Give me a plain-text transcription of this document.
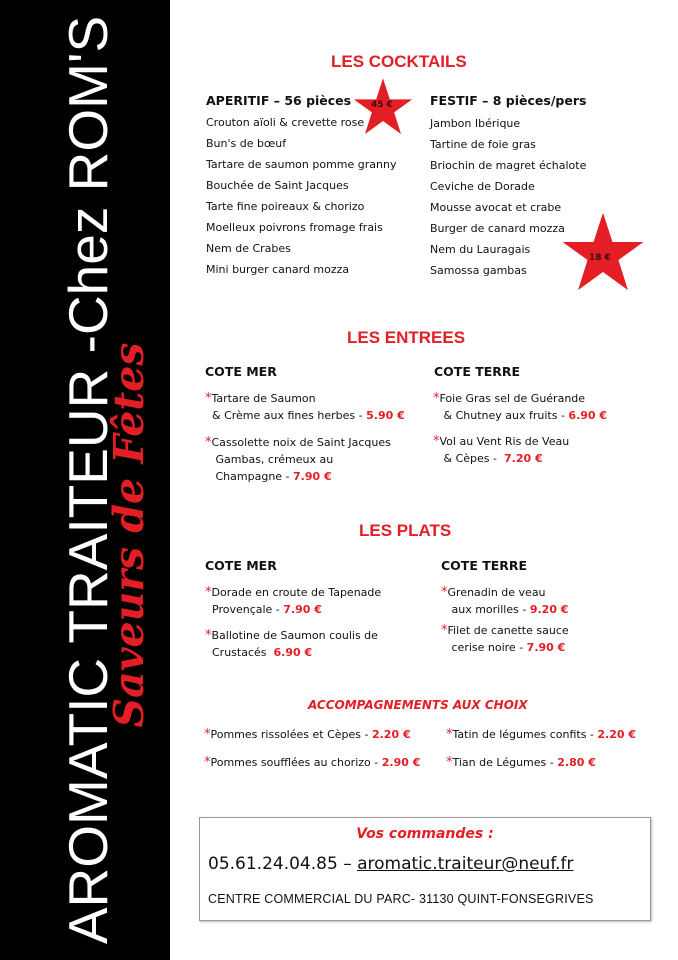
AROMATIC TRAITEUR -Chez ROM'S
Saveurs de Fêtes
LES COCKTAILS
APERITIF – 56 pièces
Crouton aïoli & crevette rose
Bun's de bœuf
Tartare de saumon pomme granny
Bouchée de Saint Jacques
Tarte fine poireaux & chorizo
Moelleux poivrons fromage frais
Nem de Crabes
Mini burger canard mozza
45 €	FESTIF – 8 pièces/pers
Jambon Ibérique
Tartine de foie gras
Briochin de magret échalote
Ceviche de Dorade
Mousse avocat et crabe
Burger de canard mozza
Nem du Lauragais
Samossa gambas
18 €
LES ENTREES
COTE MER
*Tartare de Saumon
& Crème aux fines herbes - 5.90 €
*Cassolette noix de Saint Jacques
Gambas, crémeux au
Champagne - 7.90 €
COTE TERRE
*Foie Gras sel de Guérande
& Chutney aux fruits - 6.90 €
*Vol au Vent Ris de Veau
& Cèpes -  7.20 €
LES PLATS
COTE MER
*Dorade en croute de Tapenade
Provençale - 7.90 €
*Ballotine de Saumon coulis de
Crustacés 6.90 €
COTE TERRE
*Grenadin de veau
aux morilles - 9.20 €
*Filet de canette sauce
cerise noire - 7.90 €
ACCOMPAGNEMENTS AUX CHOIX
*Pommes rissolées et Cèpes - 2.20 €	*Tatin de légumes confits - 2.20 €
*Pommes soufflées au chorizo - 2.90 € *Tian de Légumes - 2.80 €
Vos commandes :
05.61.24.04.85 – aromatic.traiteur@neuf.fr
CENTRE COMMERCIAL DU PARC- 31130 QUINT-FONSEGRIVES
